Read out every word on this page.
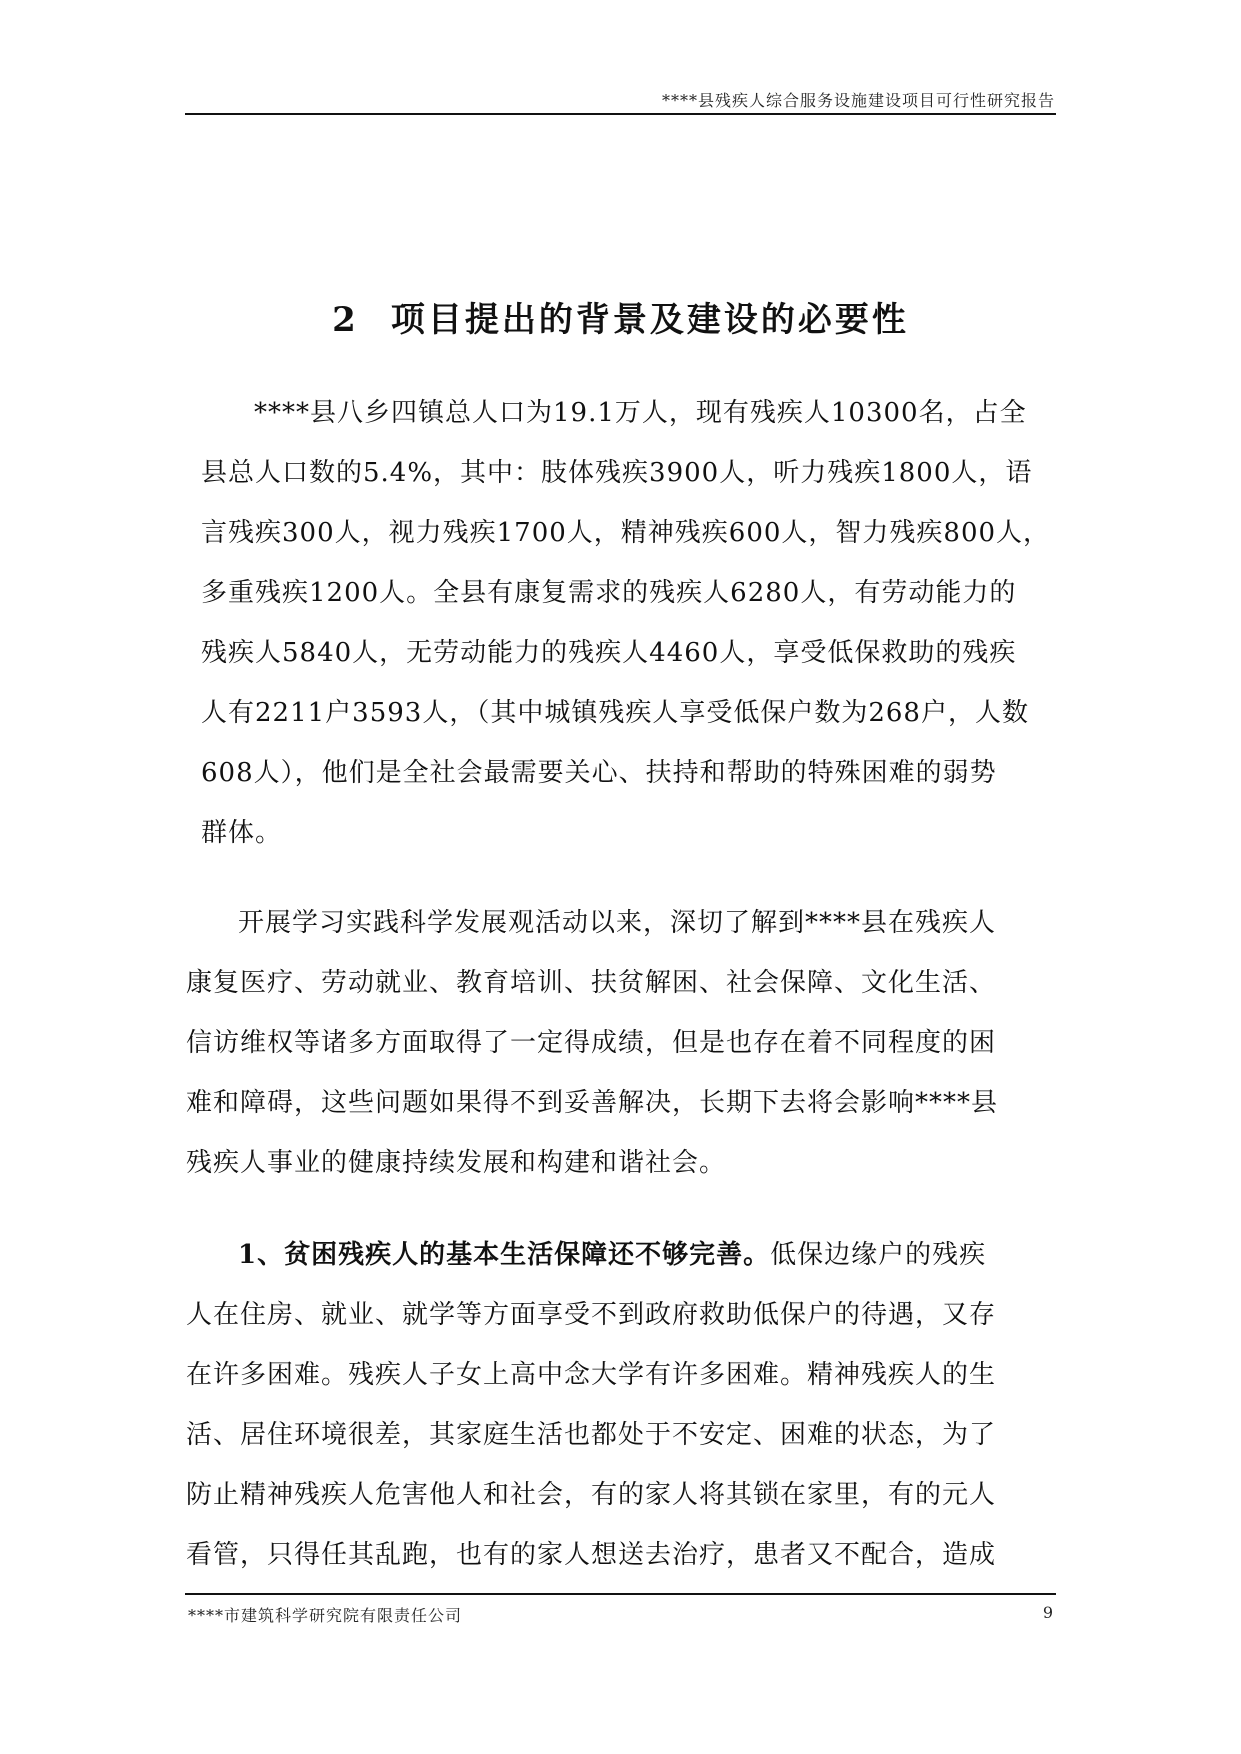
****县残疾人综合服务设施建设项目可行性研究报告
2 项目提出的背景及建设的必要性
****县八乡四镇总人口为19.1万人，现有残疾人10300名，占全
县总人口数的5.4%，其中：肢体残疾3900人，听力残疾1800人，语
言残疾300人，视力残疾1700人，精神残疾600人，智力残疾800人，
多重残疾1200人。全县有康复需求的残疾人6280人，有劳动能力的
残疾人5840人，无劳动能力的残疾人4460人，享受低保救助的残疾
人有2211户3593人，（其中城镇残疾人享受低保户数为268户，人数
608人），他们是全社会最需要关心、扶持和帮助的特殊困难的弱势
群体。
开展学习实践科学发展观活动以来，深切了解到****县在残疾人
康复医疗、劳动就业、教育培训、扶贫解困、社会保障、文化生活、
信访维权等诸多方面取得了一定得成绩，但是也存在着不同程度的困
难和障碍，这些问题如果得不到妥善解决，长期下去将会影响****县
残疾人事业的健康持续发展和构建和谐社会。
1、贫困残疾人的基本生活保障还不够完善。低保边缘户的残疾
人在住房、就业、就学等方面享受不到政府救助低保户的待遇，又存
在许多困难。残疾人子女上高中念大学有许多困难。精神残疾人的生
活、居住环境很差，其家庭生活也都处于不安定、困难的状态，为了
防止精神残疾人危害他人和社会，有的家人将其锁在家里，有的元人
看管，只得任其乱跑，也有的家人想送去治疗，患者又不配合，造成
****市建筑科学研究院有限责任公司	9
